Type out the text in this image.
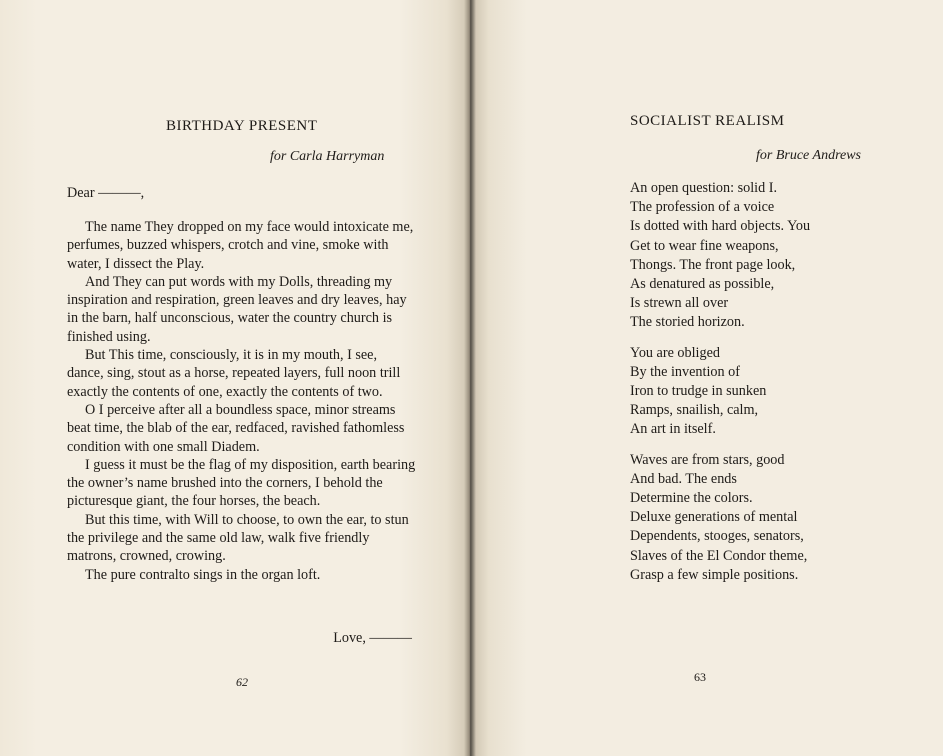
BIRTHDAY PRESENT
for Carla Harryman
Dear ———,

The name They dropped on my face would intoxicate me, perfumes, buzzed whispers, crotch and vine, smoke with water, I dissect the Play.

And They can put words with my Dolls, threading my inspiration and respiration, green leaves and dry leaves, hay in the barn, half unconscious, water the country church is finished using.

But This time, consciously, it is in my mouth, I see, dance, sing, stout as a horse, repeated layers, full noon trill exactly the contents of one, exactly the contents of two.

O I perceive after all a boundless space, minor streams beat time, the blab of the ear, redfaced, ravished fathomless condition with one small Diadem.

I guess it must be the flag of my disposition, earth bearing the owner’s name brushed into the corners, I behold the picturesque giant, the four horses, the beach.

But this time, with Will to choose, to own the ear, to stun the privilege and the same old law, walk five friendly matrons, crowned, crowing.

The pure contralto sings in the organ loft.

Love, ———
62
SOCIALIST REALISM
for Bruce Andrews
An open question: solid I.
The profession of a voice
Is dotted with hard objects. You
Get to wear fine weapons,
Thongs. The front page look,
As denatured as possible,
Is strewn all over
The storied horizon.
You are obliged
By the invention of
Iron to trudge in sunken
Ramps, snailish, calm,
An art in itself.
Waves are from stars, good
And bad. The ends
Determine the colors.
Deluxe generations of mental
Dependents, stooges, senators,
Slaves of the El Condor theme,
Grasp a few simple positions.
63
